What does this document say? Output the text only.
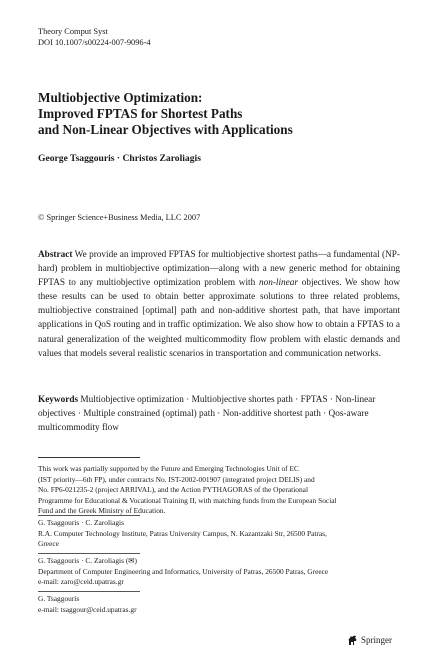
Theory Comput Syst
DOI 10.1007/s00224-007-9096-4
Multiobjective Optimization:
Improved FPTAS for Shortest Paths
and Non-Linear Objectives with Applications
George Tsaggouris · Christos Zaroliagis
© Springer Science+Business Media, LLC 2007
Abstract We provide an improved FPTAS for multiobjective shortest paths—a fundamental (NP-hard) problem in multiobjective optimization—along with a new generic method for obtaining FPTAS to any multiobjective optimization problem with non-linear objectives. We show how these results can be used to obtain better approximate solutions to three related problems, multiobjective constrained [optimal] path and non-additive shortest path, that have important applications in QoS routing and in traffic optimization. We also show how to obtain a FPTAS to a natural generalization of the weighted multicommodity flow problem with elastic demands and values that models several realistic scenarios in transportation and communication networks.
Keywords Multiobjective optimization · Multiobjective shortes path · FPTAS · Non-linear objectives · Multiple constrained (optimal) path · Non-additive shortest path · Qos-aware multicommodity flow
This work was partially supported by the Future and Emerging Technologies Unit of EC
(IST priority—6th FP), under contracts No. IST-2002-001907 (integrated project DELIS) and
No. FP6-021235-2 (project ARRIVAL), and the Action PYTHAGORAS of the Operational
Programme for Educational & Vocational Training II, with matching funds from the European Social
Fund and the Greek Ministry of Education.
G. Tsaggouris · C. Zaroliagis
R.A. Computer Technology Institute, Patras University Campus, N. Kazantzaki Str, 26500 Patras,
Greece
G. Tsaggouris · C. Zaroliagis (✉)
Department of Computer Engineering and Informatics, University of Patras, 26500 Patras, Greece
e-mail: zaro@ceid.upatras.gr
G. Tsaggouris
e-mail: tsaggour@ceid.upatras.gr
Springer
